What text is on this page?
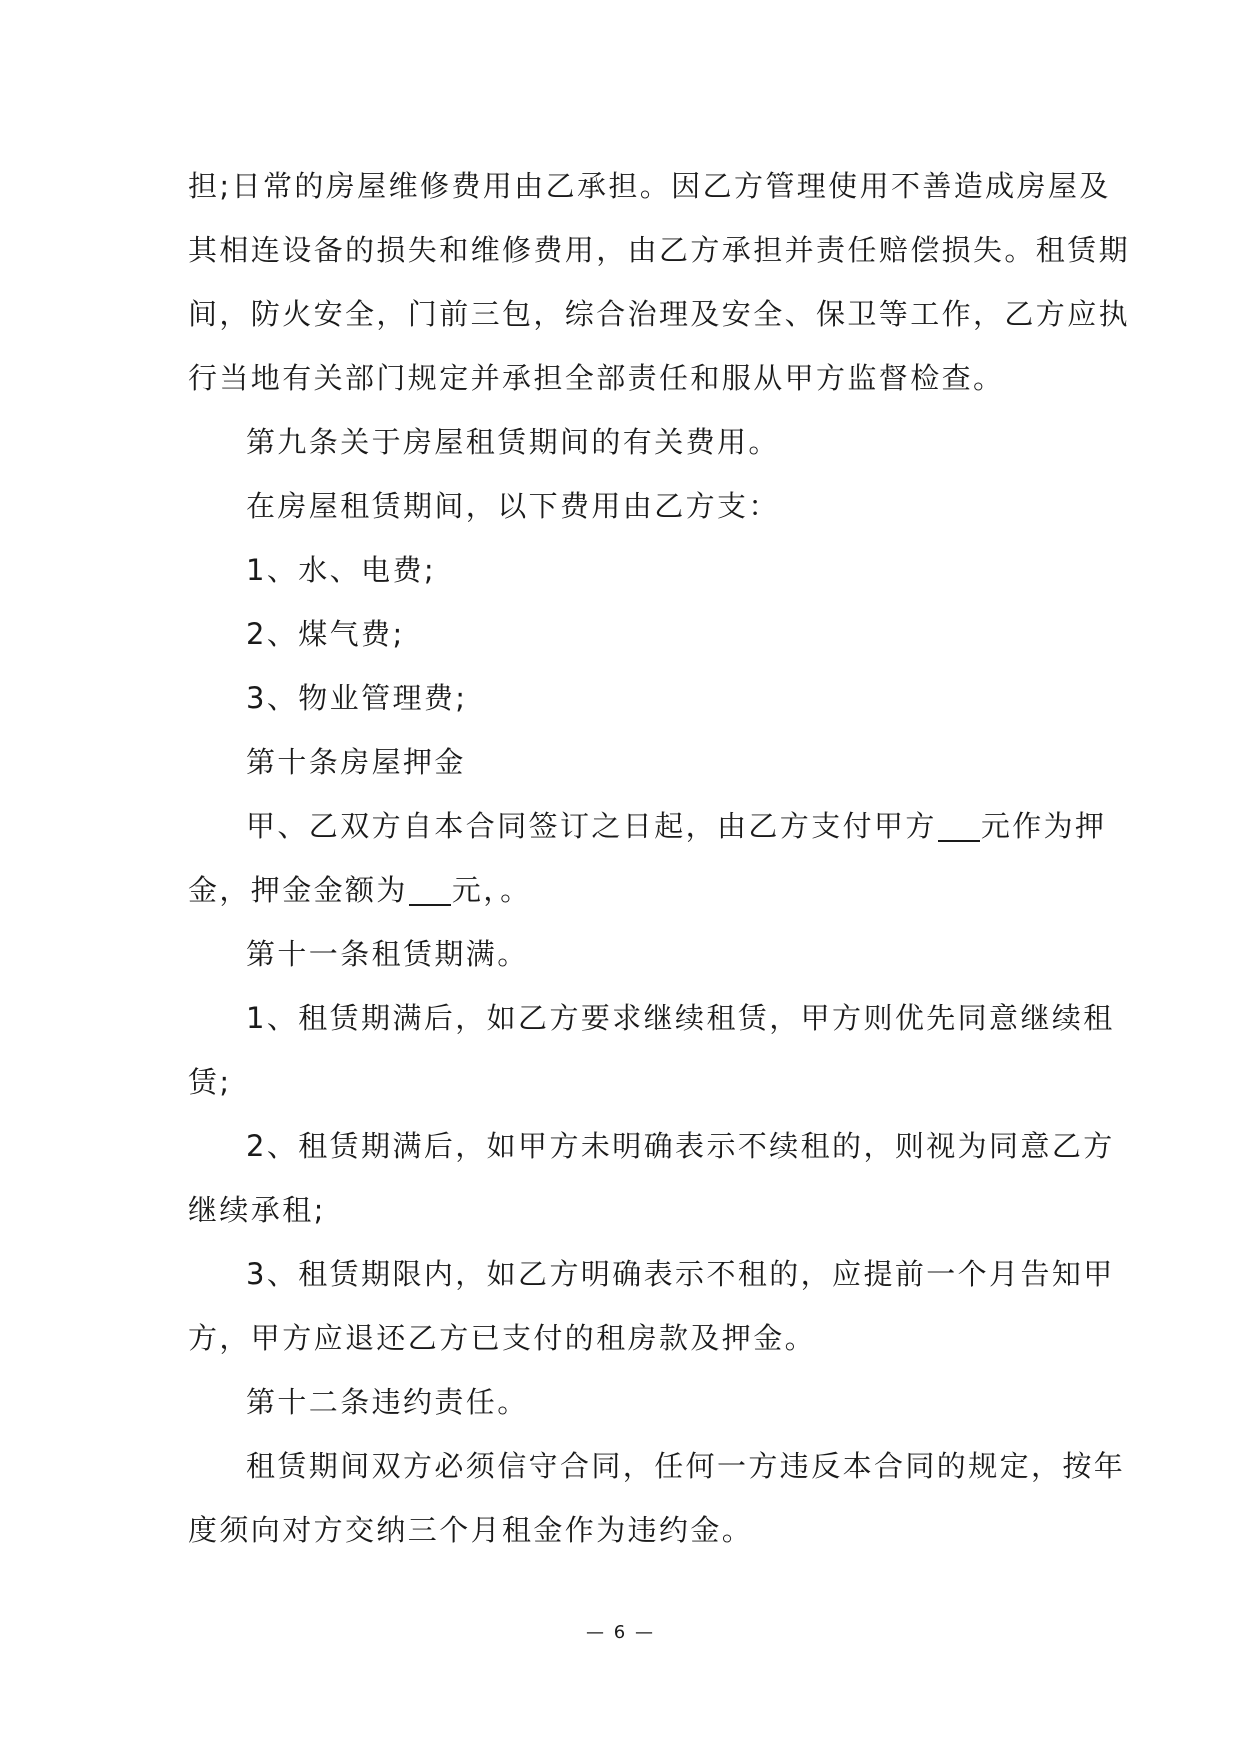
担;日常的房屋维修费用由乙承担。因乙方管理使用不善造成房屋及
其相连设备的损失和维修费用，由乙方承担并责任赔偿损失。租赁期
间，防火安全，门前三包，综合治理及安全、保卫等工作，乙方应执
行当地有关部门规定并承担全部责任和服从甲方监督检查。
第九条关于房屋租赁期间的有关费用。
在房屋租赁期间，以下费用由乙方支：
1、水、电费;
2、煤气费;
3、物业管理费;
第十条房屋押金
甲、乙双方自本合同签订之日起，由乙方支付甲方 元作为押
金，押金金额为 元，。
第十一条租赁期满。
1、租赁期满后，如乙方要求继续租赁，甲方则优先同意继续租
赁;
2、租赁期满后，如甲方未明确表示不续租的，则视为同意乙方
继续承租;
3、租赁期限内，如乙方明确表示不租的，应提前一个月告知甲
方，甲方应退还乙方已支付的租房款及押金。
第十二条违约责任。
租赁期间双方必须信守合同，任何一方违反本合同的规定，按年
度须向对方交纳三个月租金作为违约金。
— 6 —
